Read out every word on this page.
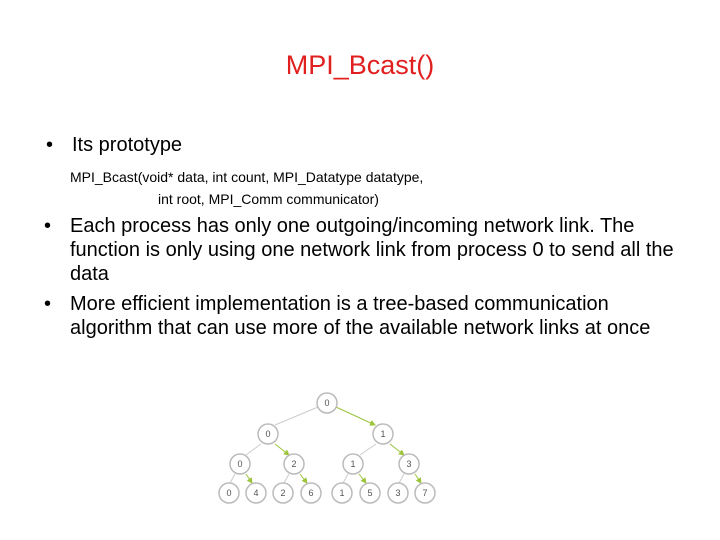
MPI_Bcast()
• Its prototype
MPI_Bcast(void* data, int count, MPI_Datatype datatype,
int root, MPI_Comm communicator)
• Each process has only one outgoing/incoming network link. The function is only using one network link from process 0 to send all the data
• More efficient implementation is a tree-based communication algorithm that can use more of the available network links at once
0
0	1
0	2	1	3
0 4 2	6	1	5	3 7
